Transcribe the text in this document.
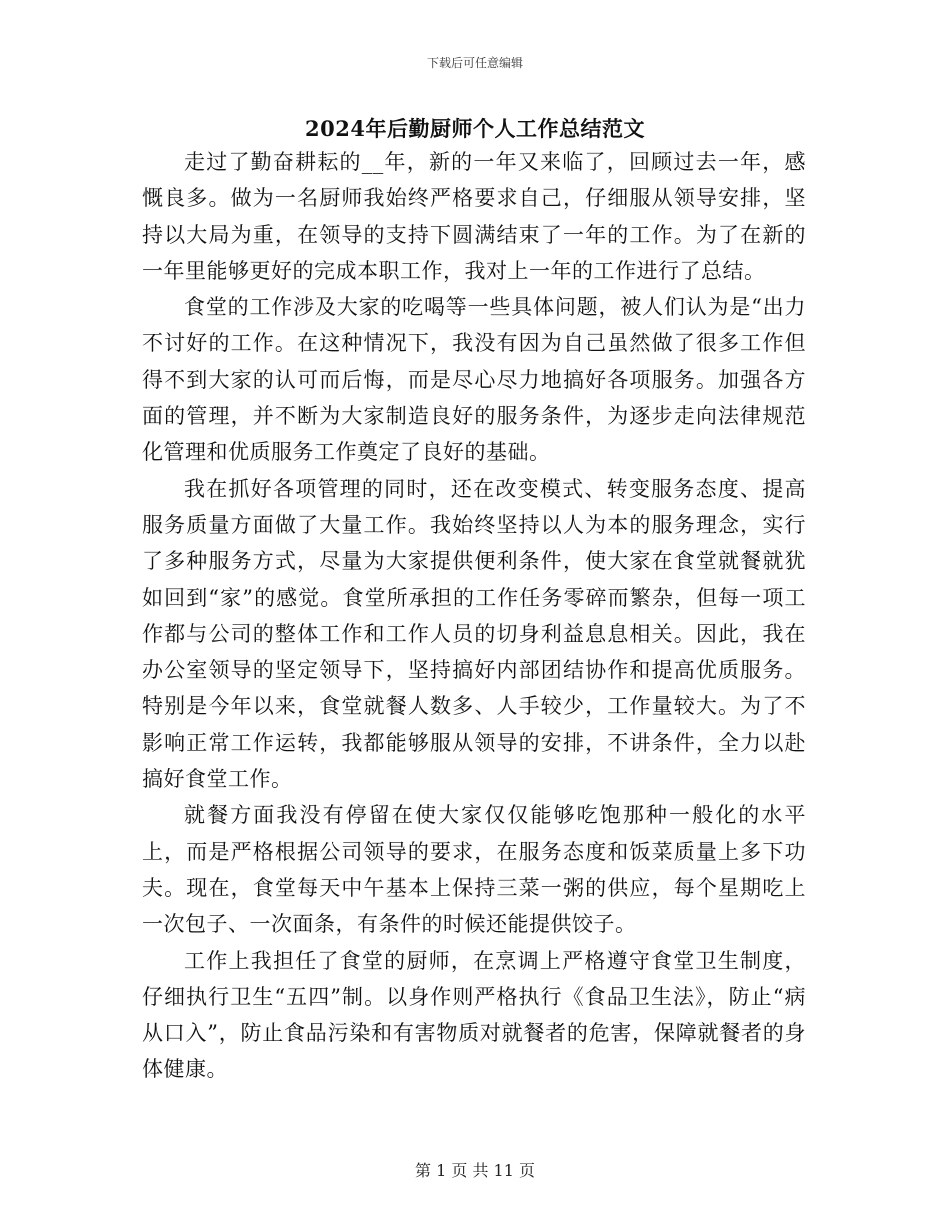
下载后可任意编辑
2024年后勤厨师个人工作总结范文

走过了勤奋耕耘的__年，新的一年又来临了，回顾过去一年，感慨良多。做为一名厨师我始终严格要求自己，仔细服从领导安排，坚持以大局为重，在领导的支持下圆满结束了一年的工作。为了在新的一年里能够更好的完成本职工作，我对上一年的工作进行了总结。

食堂的工作涉及大家的吃喝等一些具体问题，被人们认为是“出力不讨好的工作。在这种情况下，我没有因为自己虽然做了很多工作但得不到大家的认可而后悔，而是尽心尽力地搞好各项服务。加强各方面的管理，并不断为大家制造良好的服务条件，为逐步走向法律规范化管理和优质服务工作奠定了良好的基础。

我在抓好各项管理的同时，还在改变模式、转变服务态度、提高服务质量方面做了大量工作。我始终坚持以人为本的服务理念，实行了多种服务方式，尽量为大家提供便利条件，使大家在食堂就餐就犹如回到“家”的感觉。食堂所承担的工作任务零碎而繁杂，但每一项工作都与公司的整体工作和工作人员的切身利益息息相关。因此，我在办公室领导的坚定领导下，坚持搞好内部团结协作和提高优质服务。特别是今年以来，食堂就餐人数多、人手较少，工作量较大。为了不影响正常工作运转，我都能够服从领导的安排，不讲条件，全力以赴搞好食堂工作。

就餐方面我没有停留在使大家仅仅能够吃饱那种一般化的水平上，而是严格根据公司领导的要求，在服务态度和饭菜质量上多下功夫。现在，食堂每天中午基本上保持三菜一粥的供应，每个星期吃上一次包子、一次面条，有条件的时候还能提供饺子。

工作上我担任了食堂的厨师，在烹调上严格遵守食堂卫生制度，仔细执行卫生“五四”制。以身作则严格执行《食品卫生法》，防止“病从口入”，防止食品污染和有害物质对就餐者的危害，保障就餐者的身体健康。

第 1 页 共 11 页
